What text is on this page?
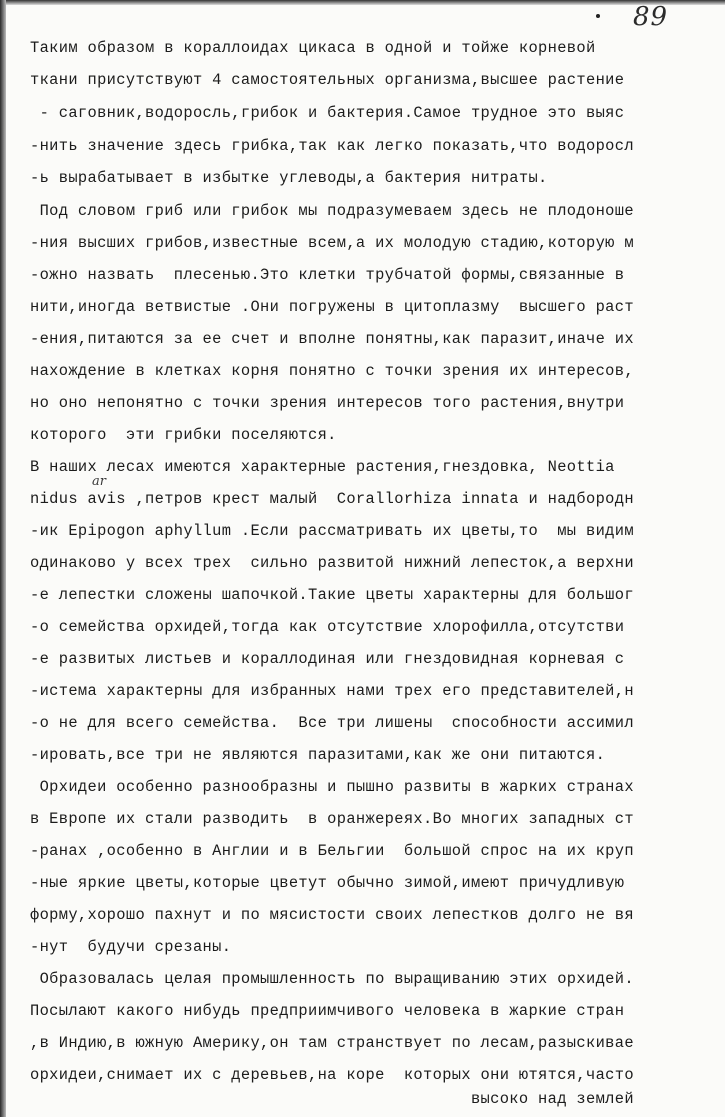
89
ar
Таким образом в кораллоидах цикаса в одной и тойже корневой
ткани присутствуют 4 самостоятельных организма,высшее растение
- саговник,водоросль,грибок и бактерия.Самое трудное это выяс
-нить значение здесь грибка,так как легко показать,что водоросл
-ь вырабатывает в избытке углеводы,а бактерия нитраты.
Под словом гриб или грибок мы подразумеваем здесь не плодоноше
-ния высших грибов,известные всем,а их молодую стадию,которую м
-ожно назвать  плесенью.Это клетки трубчатой формы,связанные в
нити,иногда ветвистые .Они погружены в цитоплазму  высшего раст
-ения,питаются за ее счет и вполне понятны,как паразит,иначе их
нахождение в клетках корня понятно с точки зрения их интересов,
но оно непонятно с точки зрения интересов того растения,внутри
которого  эти грибки поселяются.
В наших лесах имеются характерные растения,гнездовка, Neottia
nidus avis ,петров крест малый  Corallorhiza innata и надбородн
-ик Epipogon aphyllum .Если рассматривать их цветы,то  мы видим
одинаково у всех трех  сильно развитой нижний лепесток,а верхни
-е лепестки сложены шапочкой.Такие цветы характерны для большог
-о семейства орхидей,тогда как отсутствие хлорофилла,отсутстви
-е развитых листьев и кораллодиная или гнездовидная корневая с
-истема характерны для избранных нами трех его представителей,н
-о не для всего семейства.  Все три лишены  способности ассимил
-ировать,все три не являются паразитами,как же они питаются.
Орхидеи особенно разнообразны и пышно развиты в жарких странах
в Европе их стали разводить  в оранжереях.Во многих западных ст
-ранах ,особенно в Англии и в Бельгии  большой спрос на их круп
-ные яркие цветы,которые цветут обычно зимой,имеют причудливую
форму,хорошо пахнут и по мясистости своих лепестков долго не вя
-нут  будучи срезаны.
Образовалась целая промышленность по выращиванию этих орхидей.
Посылают какого нибудь предприимчивого человека в жаркие стран
,в Индию,в южную Америку,он там странствует по лесам,разыскивае
орхидеи,снимает их с деревьев,на коре  которых они ютятся,часто
высоко над землей
